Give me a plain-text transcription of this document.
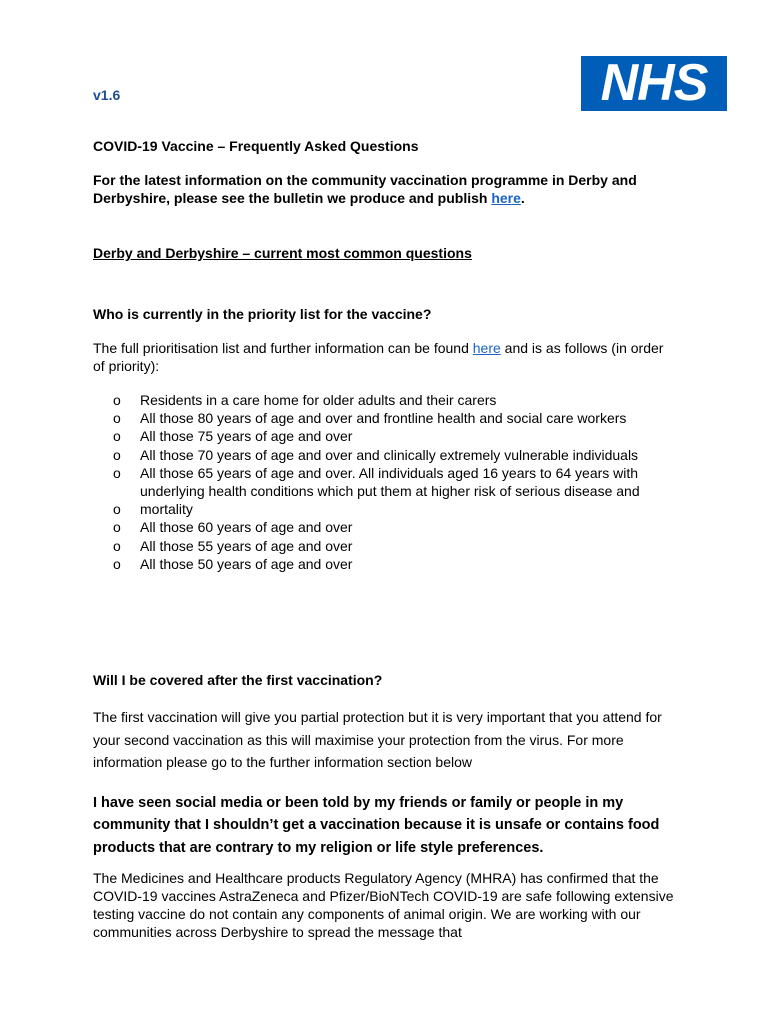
NHS
v1.6
COVID-19 Vaccine – Frequently Asked Questions
For the latest information on the community vaccination programme in Derby and Derbyshire, please see the bulletin we produce and publish here.
Derby and Derbyshire – current most common questions
Who is currently in the priority list for the vaccine?
The full prioritisation list and further information can be found here and is as follows (in order of priority):
o Residents in a care home for older adults and their carers
o All those 80 years of age and over and frontline health and social care workers
o All those 75 years of age and over
o All those 70 years of age and over and clinically extremely vulnerable individuals
o All those 65 years of age and over. All individuals aged 16 years to 64 years with underlying health conditions which put them at higher risk of serious disease and
o mortality
o All those 60 years of age and over
o All those 55 years of age and over
o All those 50 years of age and over
Will I be covered after the first vaccination?
The first vaccination will give you partial protection but it is very important that you attend for your second vaccination as this will maximise your protection from the virus. For more information please go to the further information section below
I have seen social media or been told by my friends or family or people in my community that I shouldn’t get a vaccination because it is unsafe or contains food products that are contrary to my religion or life style preferences.
The Medicines and Healthcare products Regulatory Agency (MHRA) has confirmed that the COVID-19 vaccines AstraZeneca and Pfizer/BioNTech COVID-19 are safe following extensive testing vaccine do not contain any components of animal origin. We are working with our communities across Derbyshire to spread the message that
